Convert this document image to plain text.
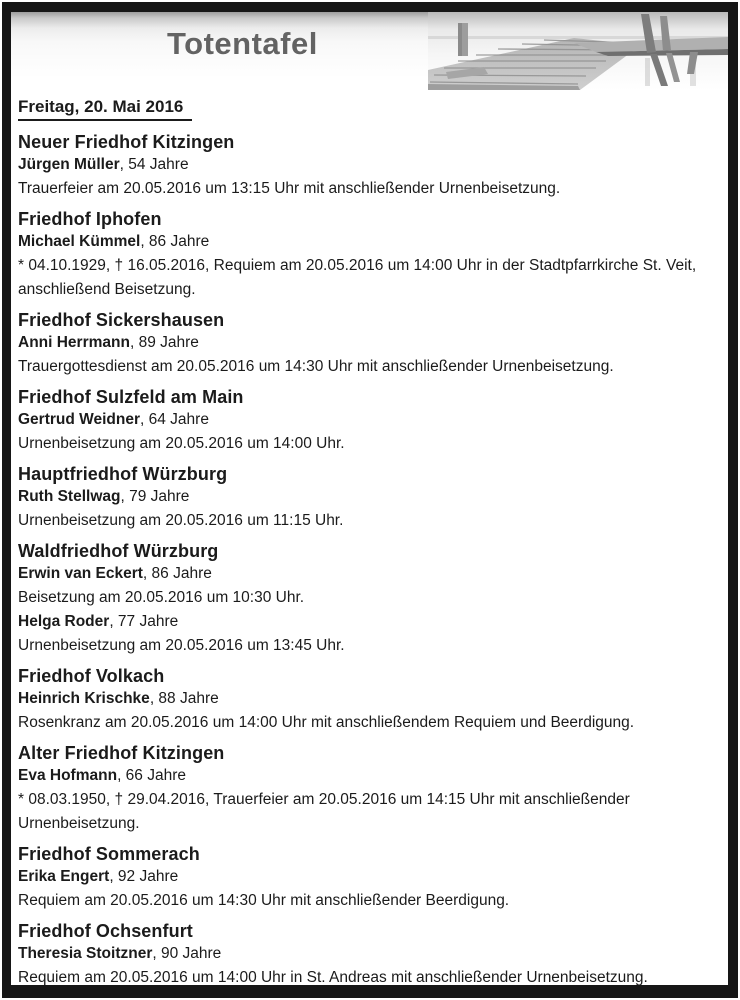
Totentafel
Freitag, 20. Mai 2016
Neuer Friedhof Kitzingen

Jürgen Müller, 54 Jahre

Trauerfeier am 20.05.2016 um 13:15 Uhr mit anschließender Urnenbeisetzung.

Friedhof Iphofen

Michael Kümmel, 86 Jahre

* 04.10.1929, † 16.05.2016, Requiem am 20.05.2016 um 14:00 Uhr in der Stadtpfarrkirche St. Veit, anschließend Beisetzung.

Friedhof Sickershausen

Anni Herrmann, 89 Jahre

Trauergottesdienst am 20.05.2016 um 14:30 Uhr mit anschließender Urnenbeisetzung.

Friedhof Sulzfeld am Main

Gertrud Weidner, 64 Jahre

Urnenbeisetzung am 20.05.2016 um 14:00 Uhr.

Hauptfriedhof Würzburg

Ruth Stellwag, 79 Jahre

Urnenbeisetzung am 20.05.2016 um 11:15 Uhr.

Waldfriedhof Würzburg

Erwin van Eckert, 86 Jahre

Beisetzung am 20.05.2016 um 10:30 Uhr.

Helga Roder, 77 Jahre

Urnenbeisetzung am 20.05.2016 um 13:45 Uhr.

Friedhof Volkach

Heinrich Krischke, 88 Jahre

Rosenkranz am 20.05.2016 um 14:00 Uhr mit anschließendem Requiem und Beerdigung.

Alter Friedhof Kitzingen

Eva Hofmann, 66 Jahre

* 08.03.1950, † 29.04.2016, Trauerfeier am 20.05.2016 um 14:15 Uhr mit anschließender Urnenbeisetzung.

Friedhof Sommerach

Erika Engert, 92 Jahre

Requiem am 20.05.2016 um 14:30 Uhr mit anschließender Beerdigung.

Friedhof Ochsenfurt

Theresia Stoitzner, 90 Jahre

Requiem am 20.05.2016 um 14:00 Uhr in St. Andreas mit anschließender Urnenbeisetzung.
